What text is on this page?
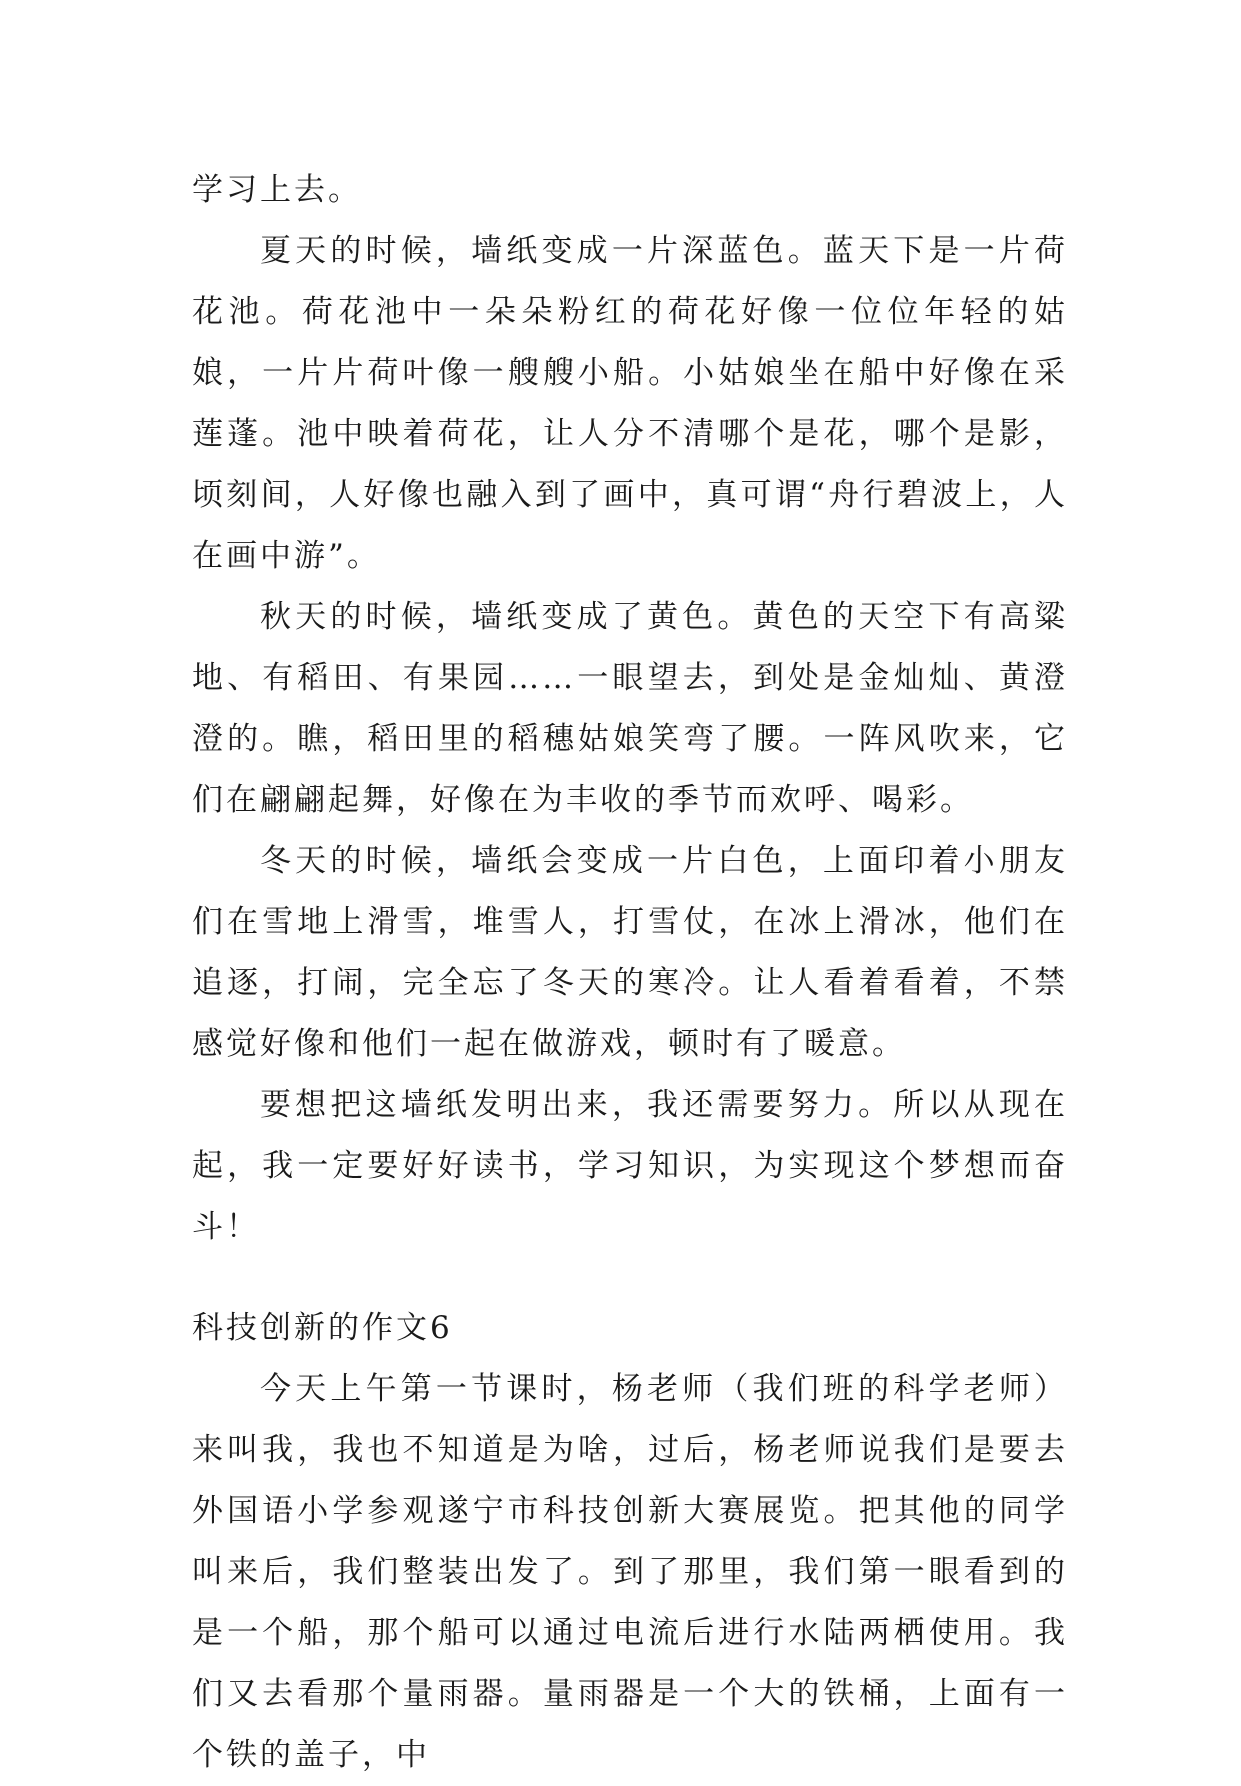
学习上去。

夏天的时候，墙纸变成一片深蓝色。蓝天下是一片荷花池。荷花池中一朵朵粉红的荷花好像一位位年轻的姑娘，一片片荷叶像一艘艘小船。小姑娘坐在船中好像在采莲蓬。池中映着荷花，让人分不清哪个是花，哪个是影，顷刻间，人好像也融入到了画中，真可谓“舟行碧波上，人在画中游”。

秋天的时候，墙纸变成了黄色。黄色的天空下有高粱地、有稻田、有果园……一眼望去，到处是金灿灿、黄澄澄的。瞧，稻田里的稻穗姑娘笑弯了腰。一阵风吹来，它们在翩翩起舞，好像在为丰收的季节而欢呼、喝彩。

冬天的时候，墙纸会变成一片白色，上面印着小朋友们在雪地上滑雪，堆雪人，打雪仗，在冰上滑冰，他们在追逐，打闹，完全忘了冬天的寒冷。让人看着看着，不禁感觉好像和他们一起在做游戏，顿时有了暖意。

要想把这墙纸发明出来，我还需要努力。所以从现在起，我一定要好好读书，学习知识，为实现这个梦想而奋斗！

科技创新的作文6

今天上午第一节课时，杨老师（我们班的科学老师）来叫我，我也不知道是为啥，过后，杨老师说我们是要去外国语小学参观遂宁市科技创新大赛展览。把其他的同学叫来后，我们整装出发了。到了那里，我们第一眼看到的是一个船，那个船可以通过电流后进行水陆两栖使用。我们又去看那个量雨器。量雨器是一个大的铁桶，上面有一个铁的盖子，中
